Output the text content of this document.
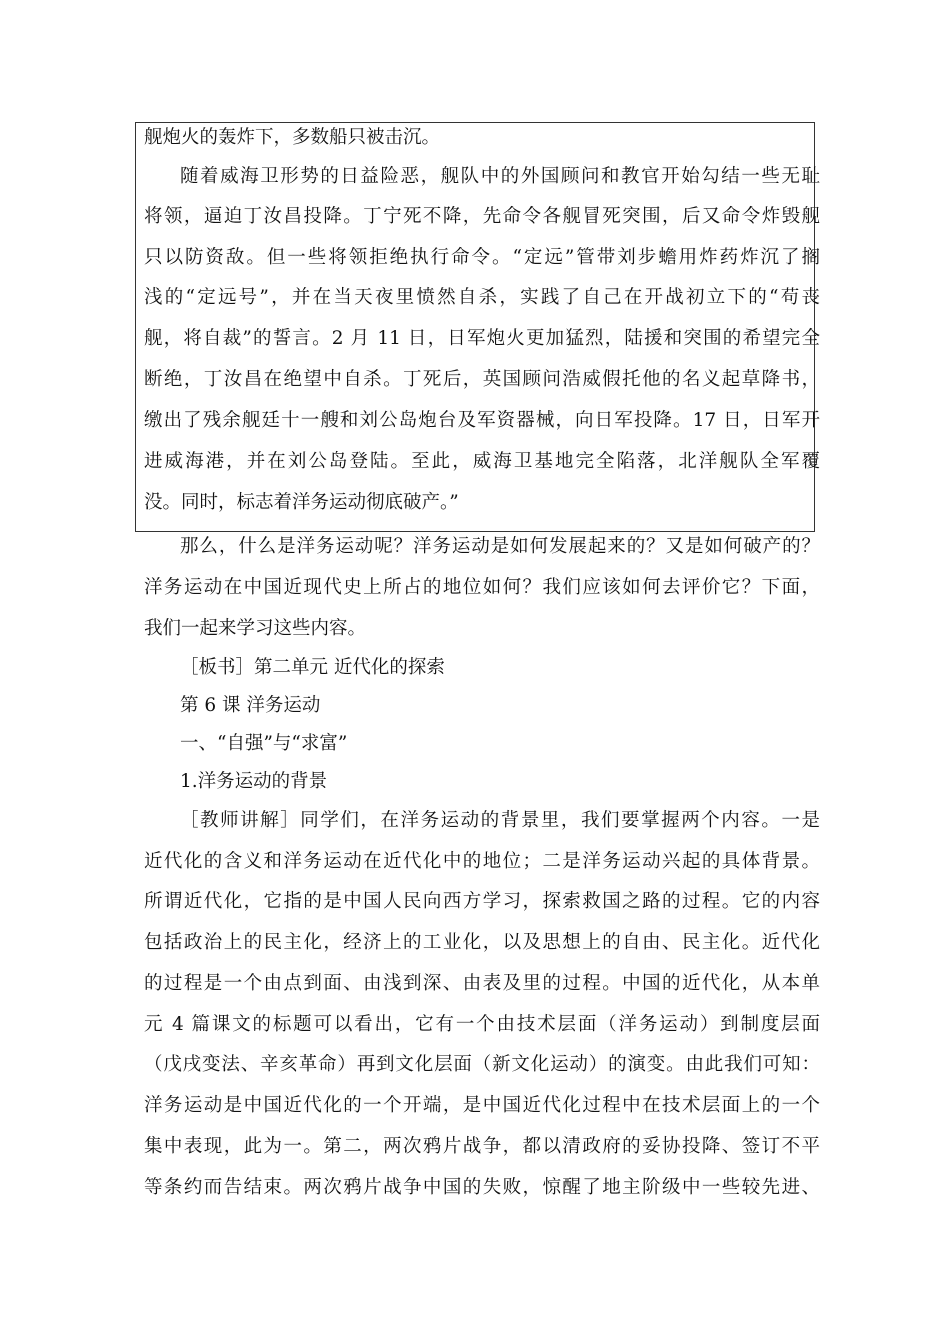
舰炮火的轰炸下，多数船只被击沉。
随着威海卫形势的日益险恶，舰队中的外国顾问和教官开始勾结一些无耻
将领，逼迫丁汝昌投降。丁宁死不降，先命令各舰冒死突围，后又命令炸毁舰
只以防资敌。但一些将领拒绝执行命令。“定远”管带刘步蟾用炸药炸沉了搁
浅的“定远号”，并在当天夜里愤然自杀，实践了自己在开战初立下的“苟丧
舰，将自裁”的誓言。2 月 11 日，日军炮火更加猛烈，陆援和突围的希望完全
断绝，丁汝昌在绝望中自杀。丁死后，英国顾问浩威假托他的名义起草降书，
缴出了残余舰廷十一艘和刘公岛炮台及军资器械，向日军投降。17 日，日军开
进威海港，并在刘公岛登陆。至此，威海卫基地完全陷落，北洋舰队全军覆
没。同时，标志着洋务运动彻底破产。”
那么，什么是洋务运动呢？洋务运动是如何发展起来的？又是如何破产的？
洋务运动在中国近现代史上所占的地位如何？我们应该如何去评价它？下面，
我们一起来学习这些内容。
［板书］第二单元 近代化的探索
第 6 课 洋务运动
一、“自强”与“求富”
1.洋务运动的背景
［教师讲解］同学们，在洋务运动的背景里，我们要掌握两个内容。一是
近代化的含义和洋务运动在近代化中的地位；二是洋务运动兴起的具体背景。
所谓近代化，它指的是中国人民向西方学习，探索救国之路的过程。它的内容
包括政治上的民主化，经济上的工业化，以及思想上的自由、民主化。近代化
的过程是一个由点到面、由浅到深、由表及里的过程。中国的近代化，从本单
元 4 篇课文的标题可以看出，它有一个由技术层面（洋务运动）到制度层面
（戊戌变法、辛亥革命）再到文化层面（新文化运动）的演变。由此我们可知：
洋务运动是中国近代化的一个开端，是中国近代化过程中在技术层面上的一个
集中表现，此为一。第二，两次鸦片战争，都以清政府的妥协投降、签订不平
等条约而告结束。两次鸦片战争中国的失败，惊醒了地主阶级中一些较先进、
